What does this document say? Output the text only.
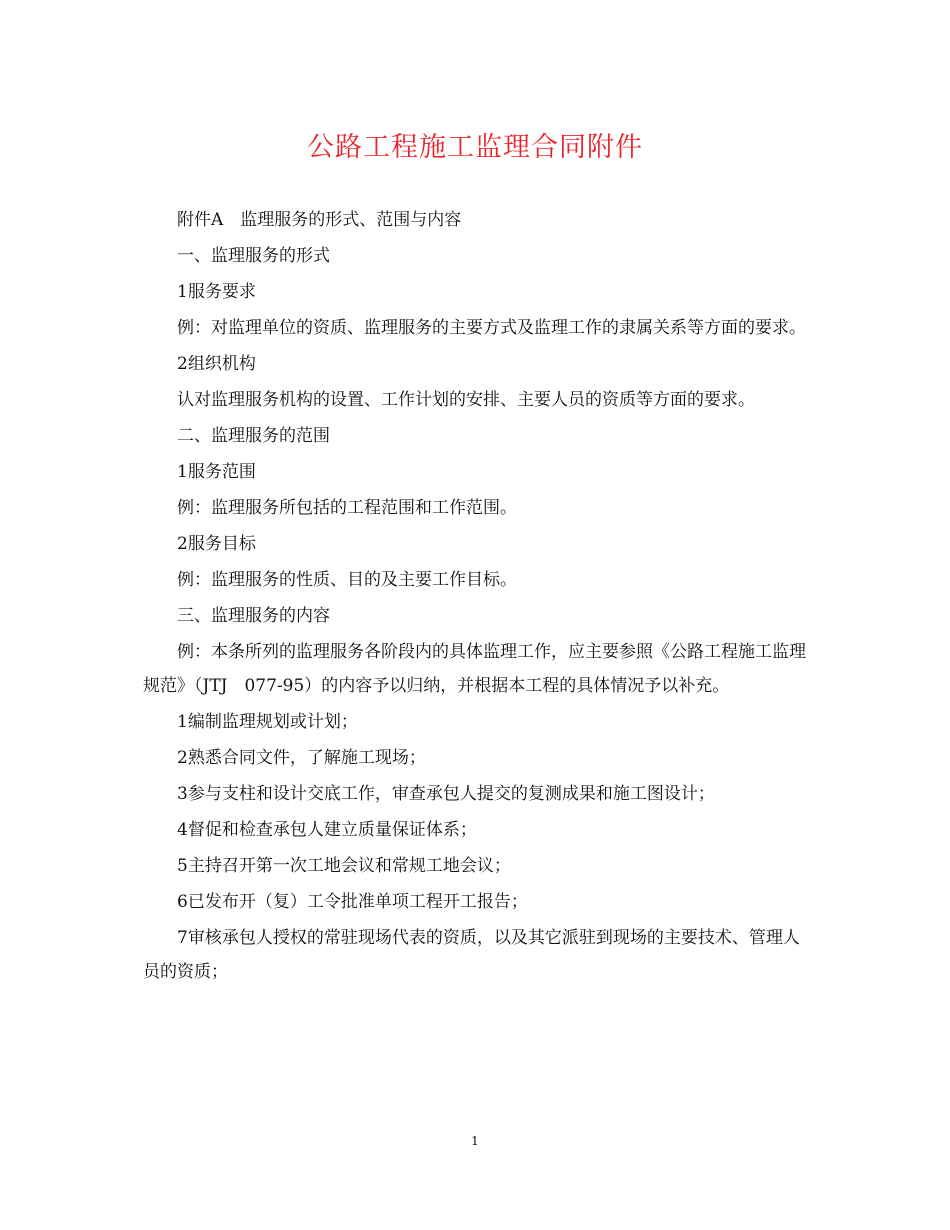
公路工程施工监理合同附件

附件A　监理服务的形式、范围与内容

一、监理服务的形式

1服务要求

例：对监理单位的资质、监理服务的主要方式及监理工作的隶属关系等方面的要求。

2组织机构

认对监理服务机构的设置、工作计划的安排、主要人员的资质等方面的要求。

二、监理服务的范围

1服务范围

例：监理服务所包括的工程范围和工作范围。

2服务目标

例：监理服务的性质、目的及主要工作目标。

三、监理服务的内容

例：本条所列的监理服务各阶段内的具体监理工作，应主要参照《公路工程施工监理规范》（JTJ　077-95）的内容予以归纳，并根据本工程的具体情况予以补充。

1编制监理规划或计划；

2熟悉合同文件，了解施工现场；

3参与支柱和设计交底工作，审查承包人提交的复测成果和施工图设计；

4督促和检查承包人建立质量保证体系；

5主持召开第一次工地会议和常规工地会议；

6已发布开（复）工令批准单项工程开工报告；

7审核承包人授权的常驻现场代表的资质，以及其它派驻到现场的主要技术、管理人员的资质；

1
